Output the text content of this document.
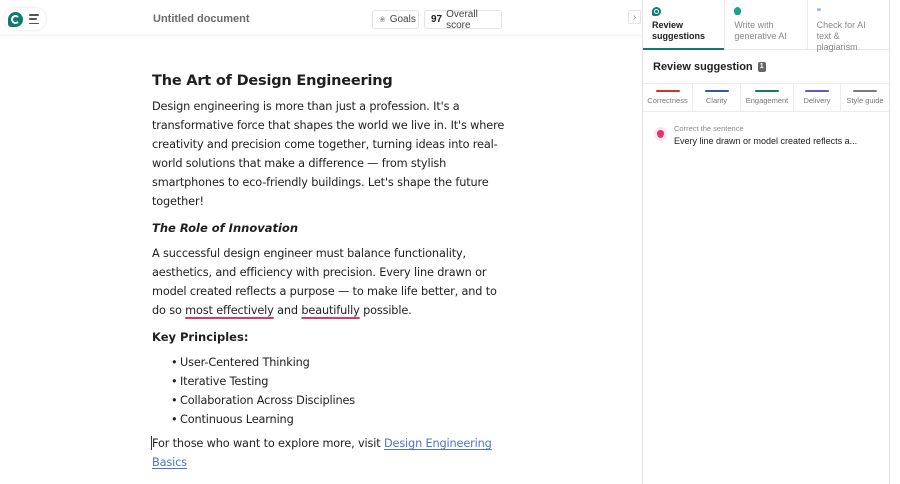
Untitled document	❀ Goals 97 Overall score
›
The Art of Design Engineering

Design engineering is more than just a profession. It's a transformative force that shapes the world we live in. It's where creativity and precision come together, turning ideas into real-world solutions that make a difference — from stylish smartphones to eco-friendly buildings. Let's shape the future together!

The Role of Innovation

A successful design engineer must balance functionality, aesthetics, and efficiency with precision. Every line drawn or model created reflects a purpose — to make life better, and to do so most effectively and beautifully possible.

Key Principles:
• User-Centered Thinking
• Iterative Testing
• Collaboration Across Disciplines
• Continuous Learning

For those who want to explore more, visit Design Engineering Basics

Review
suggestions
Write with
generative AI
”
Check for AI
text & plagiarism
Review suggestion 1
Correctness	Clarity	Engagement	Delivery	Style guide
Correct the sentence
Every line drawn or model created reflects a...
